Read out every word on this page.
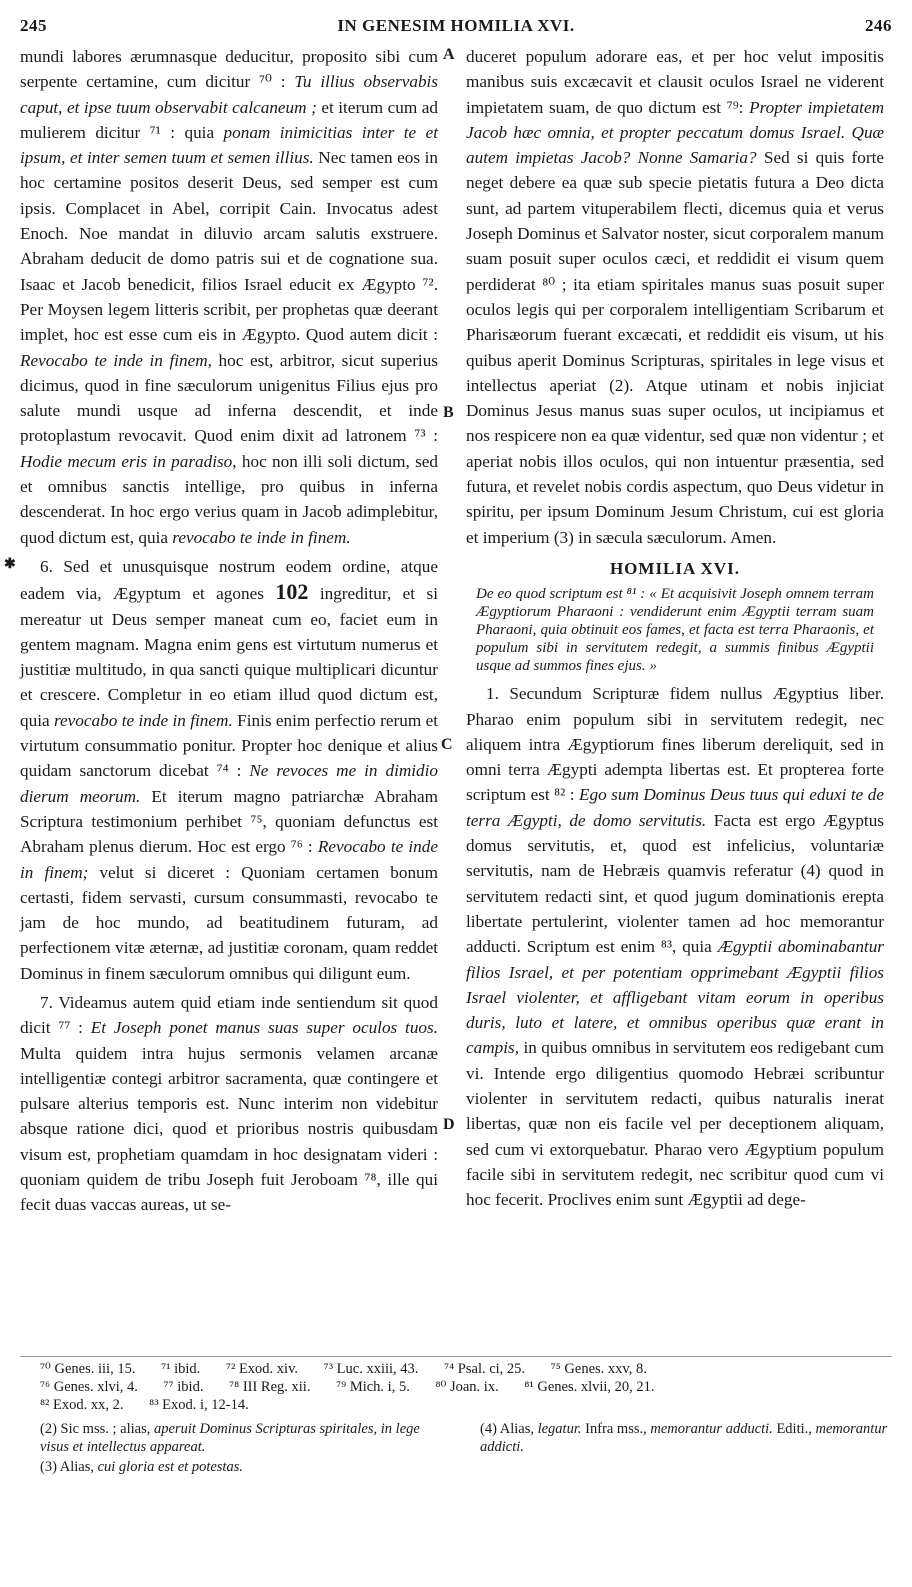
245	IN GENESIM HOMILIA XVI.	246
A
B
C
D
✱

mundi labores ærumnasque deducitur, proposito sibi cum serpente certamine, cum dicitur ⁷⁰ : Tu illius observabis caput, et ipse tuum observabit calcaneum ; et iterum cum ad mulierem dicitur ⁷¹ : quia ponam inimicitias inter te et ipsum, et inter semen tuum et semen illius. Nec tamen eos in hoc certamine positos deserit Deus, sed semper est cum ipsis. Complacet in Abel, corripit Cain. Invocatus adest Enoch. Noe mandat in diluvio arcam salutis exstruere. Abraham deducit de domo patris sui et de cognatione sua. Isaac et Jacob benedicit, filios Israel educit ex Ægypto ⁷². Per Moysen legem litteris scribit, per prophetas quæ deerant implet, hoc est esse cum eis in Ægypto. Quod autem dicit : Revocabo te inde in finem, hoc est, arbitror, sicut superius dicimus, quod in fine sæculorum unigenitus Filius ejus pro salute mundi usque ad inferna descendit, et inde protoplastum revocavit. Quod enim dixit ad latronem ⁷³ : Hodie mecum eris in paradiso, hoc non illi soli dictum, sed et omnibus sanctis intellige, pro quibus in inferna descenderat. In hoc ergo verius quam in Jacob adimplebitur, quod dictum est, quia revocabo te inde in finem.

6. Sed et unusquisque nostrum eodem ordine, atque eadem via, Ægyptum et agones 102 ingreditur, et si mereatur ut Deus semper maneat cum eo, faciet eum in gentem magnam. Magna enim gens est virtutum numerus et justitiæ multitudo, in qua sancti quique multiplicari dicuntur et crescere. Completur in eo etiam illud quod dictum est, quia revocabo te inde in finem. Finis enim perfectio rerum et virtutum consummatio ponitur. Propter hoc denique et alius quidam sanctorum dicebat ⁷⁴ : Ne revoces me in dimidio dierum meorum. Et iterum magno patriarchæ Abraham Scriptura testimonium perhibet ⁷⁵, quoniam defunctus est Abraham plenus dierum. Hoc est ergo ⁷⁶ : Revocabo te inde in finem; velut si diceret : Quoniam certamen bonum certasti, fidem servasti, cursum consummasti, revocabo te jam de hoc mundo, ad beatitudinem futuram, ad perfectionem vitæ æternæ, ad justitiæ coronam, quam reddet Dominus in finem sæculorum omnibus qui diligunt eum.

7. Videamus autem quid etiam inde sentiendum sit quod dicit ⁷⁷ : Et Joseph ponet manus suas super oculos tuos. Multa quidem intra hujus sermonis velamen arcanæ intelligentiæ contegi arbitror sacramenta, quæ contingere et pulsare alterius temporis est. Nunc interim non videbitur absque ratione dici, quod et prioribus nostris quibusdam visum est, prophetiam quamdam in hoc designatam videri : quoniam quidem de tribu Joseph fuit Jeroboam ⁷⁸, ille qui fecit duas vaccas aureas, ut se-

duceret populum adorare eas, et per hoc velut impositis manibus suis excæcavit et clausit oculos Israel ne viderent impietatem suam, de quo dictum est ⁷⁹: Propter impietatem Jacob hæc omnia, et propter peccatum domus Israel. Quæ autem impietas Jacob? Nonne Samaria? Sed si quis forte neget debere ea quæ sub specie pietatis futura a Deo dicta sunt, ad partem vituperabilem flecti, dicemus quia et verus Joseph Dominus et Salvator noster, sicut corporalem manum suam posuit super oculos cæci, et reddidit ei visum quem perdiderat ⁸⁰ ; ita etiam spiritales manus suas posuit super oculos legis qui per corporalem intelligentiam Scribarum et Pharisæorum fuerant excæcati, et reddidit eis visum, ut his quibus aperit Dominus Scripturas, spiritales in lege visus et intellectus aperiat (2). Atque utinam et nobis injiciat Dominus Jesus manus suas super oculos, ut incipiamus et nos respicere non ea quæ videntur, sed quæ non videntur ; et aperiat nobis illos oculos, qui non intuentur præsentia, sed futura, et revelet nobis cordis aspectum, quo Deus videtur in spiritu, per ipsum Dominum Jesum Christum, cui est gloria et imperium (3) in sæcula sæculorum. Amen.

HOMILIA XVI.
De eo quod scriptum est ⁸¹ : « Et acquisivit Joseph omnem terram Ægyptiorum Pharaoni : vendiderunt enim Ægyptii terram suam Pharaoni, quia obtinuit eos fames, et facta est terra Pharaonis, et populum sibi in servitutem redegit, a summis finibus Ægyptii usque ad summos fines ejus. »

1. Secundum Scripturæ fidem nullus Ægyptius liber. Pharao enim populum sibi in servitutem redegit, nec aliquem intra Ægyptiorum fines liberum dereliquit, sed in omni terra Ægypti adempta libertas est. Et propterea forte scriptum est ⁸² : Ego sum Dominus Deus tuus qui eduxi te de terra Ægypti, de domo servitutis. Facta est ergo Ægyptus domus servitutis, et, quod est infelicius, voluntariæ servitutis, nam de Hebræis quamvis referatur (4) quod in servitutem redacti sint, et quod jugum dominationis erepta libertate pertulerint, violenter tamen ad hoc memorantur adducti. Scriptum est enim ⁸³, quia Ægyptii abominabantur filios Israel, et per potentiam opprimebant Ægyptii filios Israel violenter, et affligebant vitam eorum in operibus duris, luto et latere, et omnibus operibus quæ erant in campis, in quibus omnibus in servitutem eos redigebant cum vi. Intende ergo diligentius quomodo Hebræi scribuntur violenter in servitutem redacti, quibus naturalis inerat libertas, quæ non eis facile vel per deceptionem aliquam, sed cum vi extorquebatur. Pharao vero Ægyptium populum facile sibi in servitutem redegit, nec scribitur quod cum vi hoc fecerit. Proclives enim sunt Ægyptii ad dege-

⁷⁰ Genes. iii, 15. ⁷¹ ibid. ⁷² Exod. xiv. ⁷³ Luc. xxiii, 43. ⁷⁴ Psal. ci, 25. ⁷⁵ Genes. xxv, 8.
⁷⁶ Genes. xlvi, 4. ⁷⁷ ibid. ⁷⁸ III Reg. xii. ⁷⁹ Mich. i, 5. ⁸⁰ Joan. ix. ⁸¹ Genes. xlvii, 20, 21.
⁸² Exod. xx, 2. ⁸³ Exod. i, 12-14.

(2) Sic mss. ; alias, aperuit Dominus Scripturas spiritales, in lege visus et intellectus appareat.

(3) Alias, cui gloria est et potestas.

(4) Alias, legatur. Infra mss., memorantur adducti. Editi., memorantur addicti.
